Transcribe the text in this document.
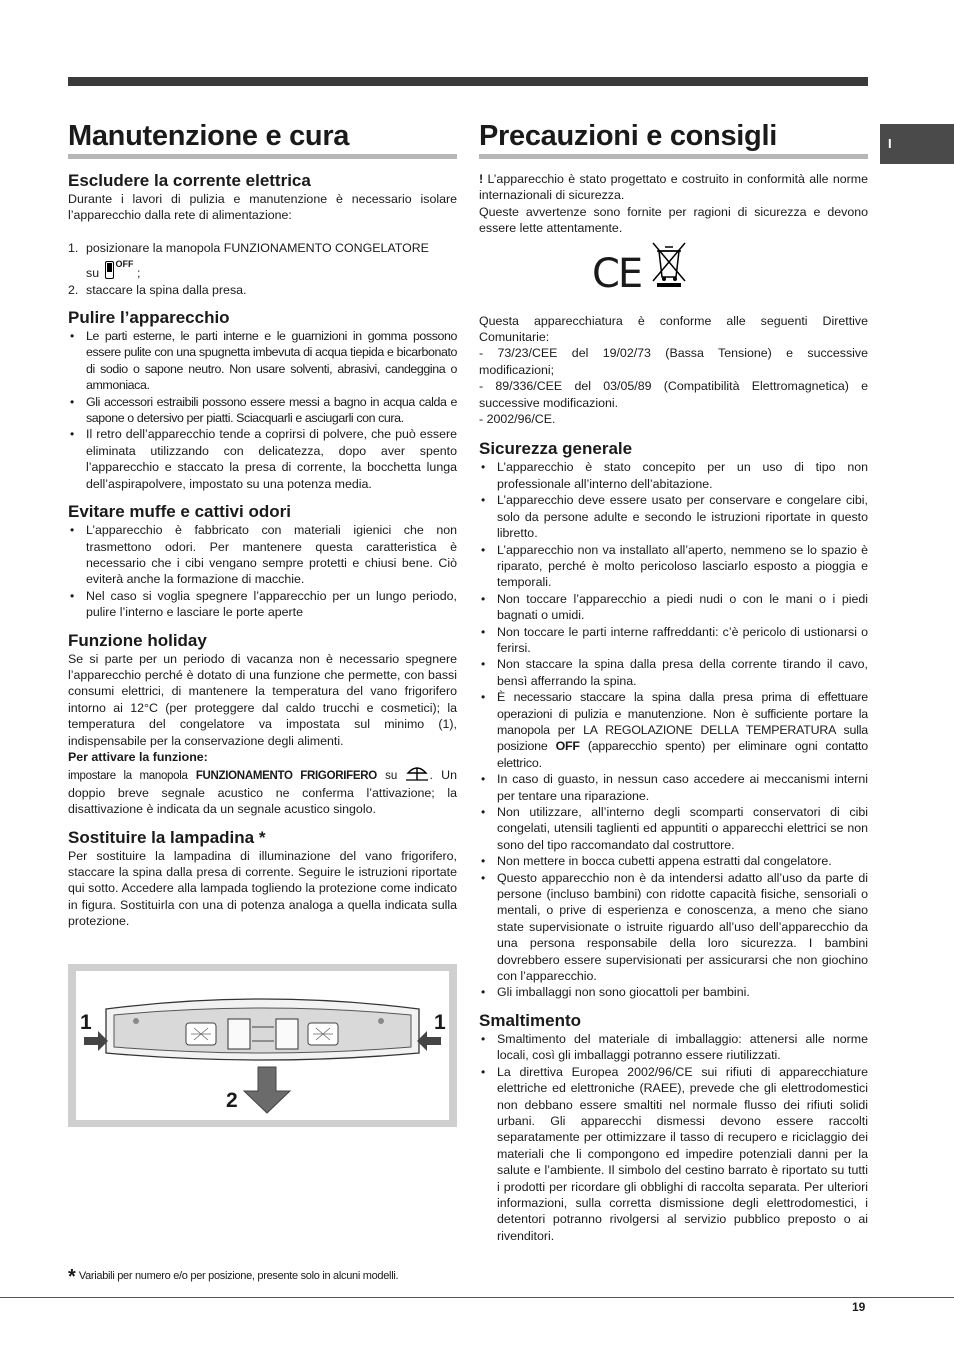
I
Manutenzione e cura
Escludere la corrente elettrica

Durante i lavori di pulizia e manutenzione è necessario isolare l’apparecchio dalla rete di alimentazione:

1. posizionare la manopola FUNZIONAMENTO CONGELATORE
su $^{OFF}$ ;
2. staccare la spina dalla presa.
Pulire l’apparecchio
• Le parti esterne, le parti interne e le guarnizioni in gomma possono essere pulite con una spugnetta imbevuta di acqua tiepida e bicarbonato di sodio o sapone neutro. Non usare solventi, abrasivi, candeggina o ammoniaca.
• Gli accessori estraibili possono essere messi a bagno in acqua calda e sapone o detersivo per piatti. Sciacquarli e asciugarli con cura.
• Il retro dell’apparecchio tende a coprirsi di polvere, che può essere eliminata utilizzando con delicatezza, dopo aver spento l’apparecchio e staccato la presa di corrente, la bocchetta lunga dell’aspirapolvere, impostato su una potenza media.
Evitare muffe e cattivi odori
• L’apparecchio è fabbricato con materiali igienici che non trasmettono odori. Per mantenere questa caratteristica è necessario che i cibi vengano sempre protetti e chiusi bene. Ciò eviterà anche la formazione di macchie.
• Nel caso si voglia spegnere l’apparecchio per un lungo periodo, pulire l’interno e lasciare le porte aperte
Funzione holiday

Se si parte per un periodo di vacanza non è necessario spegnere l’apparecchio perché è dotato di una funzione che permette, con bassi consumi elettrici, di mantenere la temperatura del vano frigorifero intorno ai 12°C (per proteggere dal caldo trucchi e cosmetici); la temperatura del congelatore va impostata sul minimo (1), indispensabile per la conservazione degli alimenti.

Per attivare la funzione:

impostare la manopola FUNZIONAMENTO FRIGORIFERO su	. Un doppio breve segnale acustico ne conferma l’attivazione; la disattivazione è indicata da un segnale acustico singolo.

Sostituire la lampadina *

Per sostituire la lampadina di illuminazione del vano frigorifero, staccare la spina dalla presa di corrente. Seguire le istruzioni riportate qui sotto. Accedere alla lampada togliendo la protezione come indicato in figura. Sostituirla con una di potenza analoga a quella indicata sulla protezione.

1	1
2
Precauzioni e consigli

! L’apparecchio è stato progettato e costruito in conformità alle norme internazionali di sicurezza.

Queste avvertenze sono fornite per ragioni di sicurezza e devono essere lette attentamente.

CE

Questa apparecchiatura è conforme alle seguenti Direttive Comunitarie:

- 73/23/CEE del 19/02/73 (Bassa Tensione) e successive modificazioni;

- 89/336/CEE del 03/05/89 (Compatibilità Elettromagnetica) e successive modificazioni.

- 2002/96/CE.

Sicurezza generale
• L’apparecchio è stato concepito per un uso di tipo non professionale all’interno dell’abitazione.
• L’apparecchio deve essere usato per conservare e congelare cibi, solo da persone adulte e secondo le istruzioni riportate in questo libretto.
• L’apparecchio non va installato all’aperto, nemmeno se lo spazio è riparato, perché è molto pericoloso lasciarlo esposto a pioggia e temporali.
• Non toccare l’apparecchio a piedi nudi o con le mani o i piedi bagnati o umidi.
• Non toccare le parti interne raffreddanti: c’è pericolo di ustionarsi o ferirsi.
• Non staccare la spina dalla presa della corrente tirando il cavo, bensì afferrando la spina.
• È necessario staccare la spina dalla presa prima di effettuare operazioni di pulizia e manutenzione. Non è sufficiente portare la manopola per LA REGOLAZIONE DELLA TEMPERATURA sulla posizione OFF (apparecchio spento) per eliminare ogni contatto elettrico.
• In caso di guasto, in nessun caso accedere ai meccanismi interni per tentare una riparazione.
• Non utilizzare, all’interno degli scomparti conservatori di cibi congelati, utensili taglienti ed appuntiti o apparecchi elettrici se non sono del tipo raccomandato dal costruttore.
• Non mettere in bocca cubetti appena estratti dal congelatore.
• Questo apparecchio non è da intendersi adatto all’uso da parte di persone (incluso bambini) con ridotte capacità fisiche, sensoriali o mentali, o prive di esperienza e conoscenza, a meno che siano state supervisionate o istruite riguardo all’uso dell’apparecchio da una persona responsabile della loro sicurezza. I bambini dovrebbero essere supervisionati per assicurarsi che non giochino con l’apparecchio.
• Gli imballaggi non sono giocattoli per bambini.
Smaltimento
• Smaltimento del materiale di imballaggio: attenersi alle norme locali, così gli imballaggi potranno essere riutilizzati.
• La direttiva Europea 2002/96/CE sui rifiuti di apparecchiature elettriche ed elettroniche (RAEE), prevede che gli elettrodomestici non debbano essere smaltiti nel normale flusso dei rifiuti solidi urbani. Gli apparecchi dismessi devono essere raccolti separatamente per ottimizzare il tasso di recupero e riciclaggio dei materiali che li compongono ed impedire potenziali danni per la salute e l’ambiente. Il simbolo del cestino barrato è riportato su tutti i prodotti per ricordare gli obblighi di raccolta separata. Per ulteriori informazioni, sulla corretta dismissione degli elettrodomestici, i detentori potranno rivolgersi al servizio pubblico preposto o ai rivenditori.
* Variabili per numero e/o per posizione, presente solo in alcuni modelli.
19
